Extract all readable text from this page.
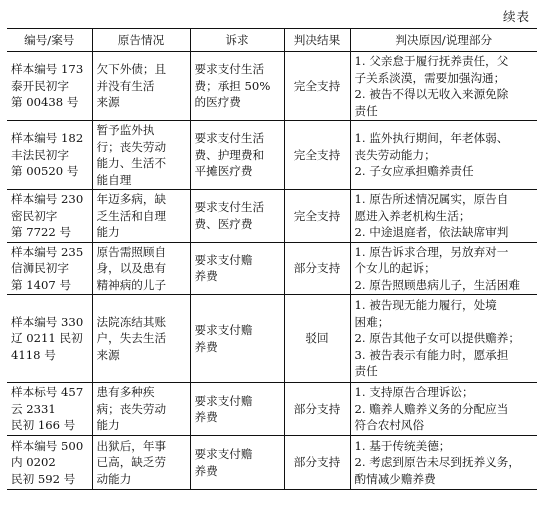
续表
编号/案号	原告情况	诉求	判决结果	判决原因/说理部分

样本编号 173
泰开民初字
第 00438 号	欠下外债；且
并没有生活
来源	要求支付生活
费；承担 50%
的医疗费	完全支持	1. 父亲怠于履行抚养责任，父
子关系淡漠，需要加强沟通；
2. 被告不得以无收入来源免除
责任

样本编号 182
丰法民初字
第 00520 号	暂予监外执
行；丧失劳动
能力、生活不
能自理	要求支付生活
费、护理费和
平摊医疗费	完全支持	1. 监外执行期间，年老体弱、
丧失劳动能力；
2. 子女应承担赡养责任

样本编号 230
密民初字
第 7722 号	年迈多病，缺
乏生活和自理
能力	要求支付生活
费、医疗费	完全支持	1. 原告所述情况属实，原告自
愿进入养老机构生活；
2. 中途退庭者，依法缺席审判

样本编号 235
信浉民初字
第 1407 号	原告需照顾自
身，以及患有
精神病的儿子	要求支付赡
养费	部分支持	1. 原告诉求合理，另放弃对一
个女儿的起诉；
2. 原告照顾患病儿子，生活困难

样本编号 330
辽 0211 民初
4118 号	法院冻结其账
户，失去生活
来源	要求支付赡
养费	驳回	1. 被告现无能力履行，处境
困难；
2. 原告其他子女可以提供赡养；
3. 被告表示有能力时，愿承担
责任

样本标号 457
云 2331
民初 166 号	患有多种疾
病；丧失劳动
能力	要求支付赡
养费	部分支持	1. 支持原告合理诉讼；
2. 赡养人赡养义务的分配应当
符合农村风俗

样本编号 500
内 0202
民初 592 号	出狱后，年事
已高，缺乏劳
动能力	要求支付赡
养费	部分支持	1. 基于传统美德；
2. 考虑到原告未尽到抚养义务，
酌情减少赡养费
